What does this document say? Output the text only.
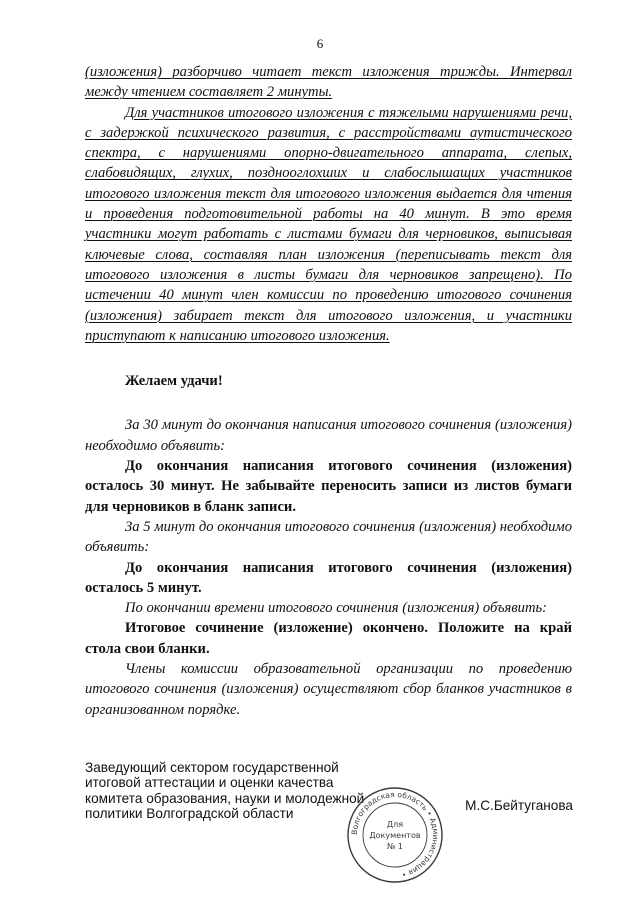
6

(изложения) разборчиво читает текст изложения трижды. Интервал между чтением составляет 2 минуты.

Для участников итогового изложения с тяжелыми нарушениями речи, с задержкой психического развития, с расстройствами аутистического спектра, с нарушениями опорно-двигательного аппарата, слепых, слабовидящих, глухих, позднооглохших и слабослышащих участников итогового изложения текст для итогового изложения выдается для чтения и проведения подготовительной работы на 40 минут. В это время участники могут работать с листами бумаги для черновиков, выписывая ключевые слова, составляя план изложения (переписывать текст для итогового изложения в листы бумаги для черновиков запрещено). По истечении 40 минут член комиссии по проведению итогового сочинения (изложения) забирает текст для итогового изложения, и участники приступают к написанию итогового изложения.

Желаем удачи!

За 30 минут до окончания написания итогового сочинения (изложения) необходимо объявить:

До окончания написания итогового сочинения (изложения) осталось 30 минут. Не забывайте переносить записи из листов бумаги для черновиков в бланк записи.

За 5 минут до окончания итогового сочинения (изложения) необходимо объявить:

До окончания написания итогового сочинения (изложения) осталось 5 минут.

По окончании времени итогового сочинения (изложения) объявить:

Итоговое сочинение (изложение) окончено. Положите на край стола свои бланки.

Члены комиссии образовательной организации по проведению итогового сочинения (изложения) осуществляют сбор бланков участников в организованном порядке.

Заведующий сектором государственной
итоговой аттестации и оценки качества
комитета образования, науки и молодежной
политики Волгоградской области
М.С.Бейтуганова
Волгоградская область • Администрация •
Для
Документов
№ 1
